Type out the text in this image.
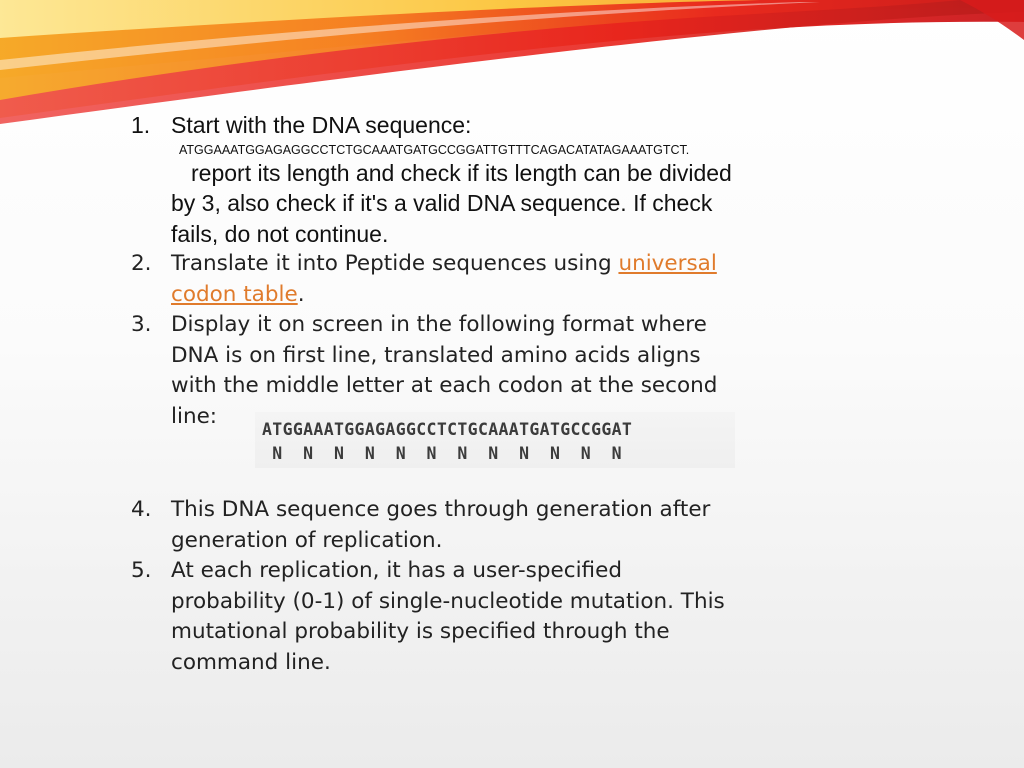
1. Start with the DNA sequence:
ATGGAAATGGAGAGGCCTCTGCAAATGATGCCGGATTGTTTCAGACATATAGAAATGTCT.
report its length and check if its length can be divided
by 3, also check if it's a valid DNA sequence. If check
fails, do not continue.
2. Translate it into Peptide sequences using universal
codon table.
3. Display it on screen in the following format where
DNA is on first line, translated amino acids aligns
with the middle letter at each codon at the second
line:
ATGGAAATGGAGAGGCCTCTGCAAATGATGCCGGAT
N  N  N  N  N  N  N  N  N  N  N  N
4. This DNA sequence goes through generation after
generation of replication.
5. At each replication, it has a user-specified
probability (0-1) of single-nucleotide mutation. This
mutational probability is specified through the
command line.
